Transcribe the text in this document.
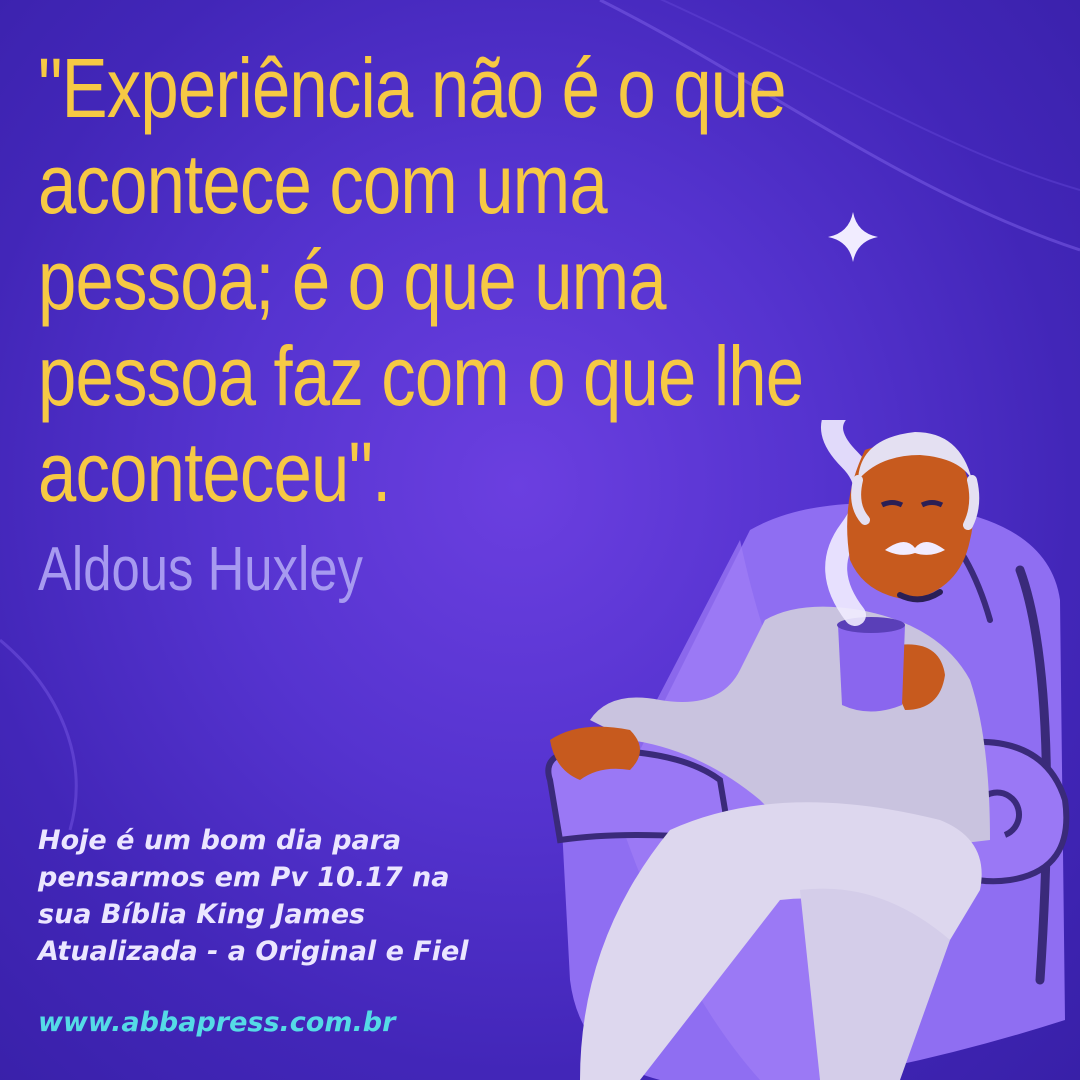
"Experiência não é o que
acontece com uma
pessoa; é o que uma
pessoa faz com o que lhe
aconteceu".

Aldous Huxley

Hoje é um bom dia para
pensarmos em Pv 10.17 na
sua Bíblia King James
Atualizada - a Original e Fiel

www.abbapress.com.br
